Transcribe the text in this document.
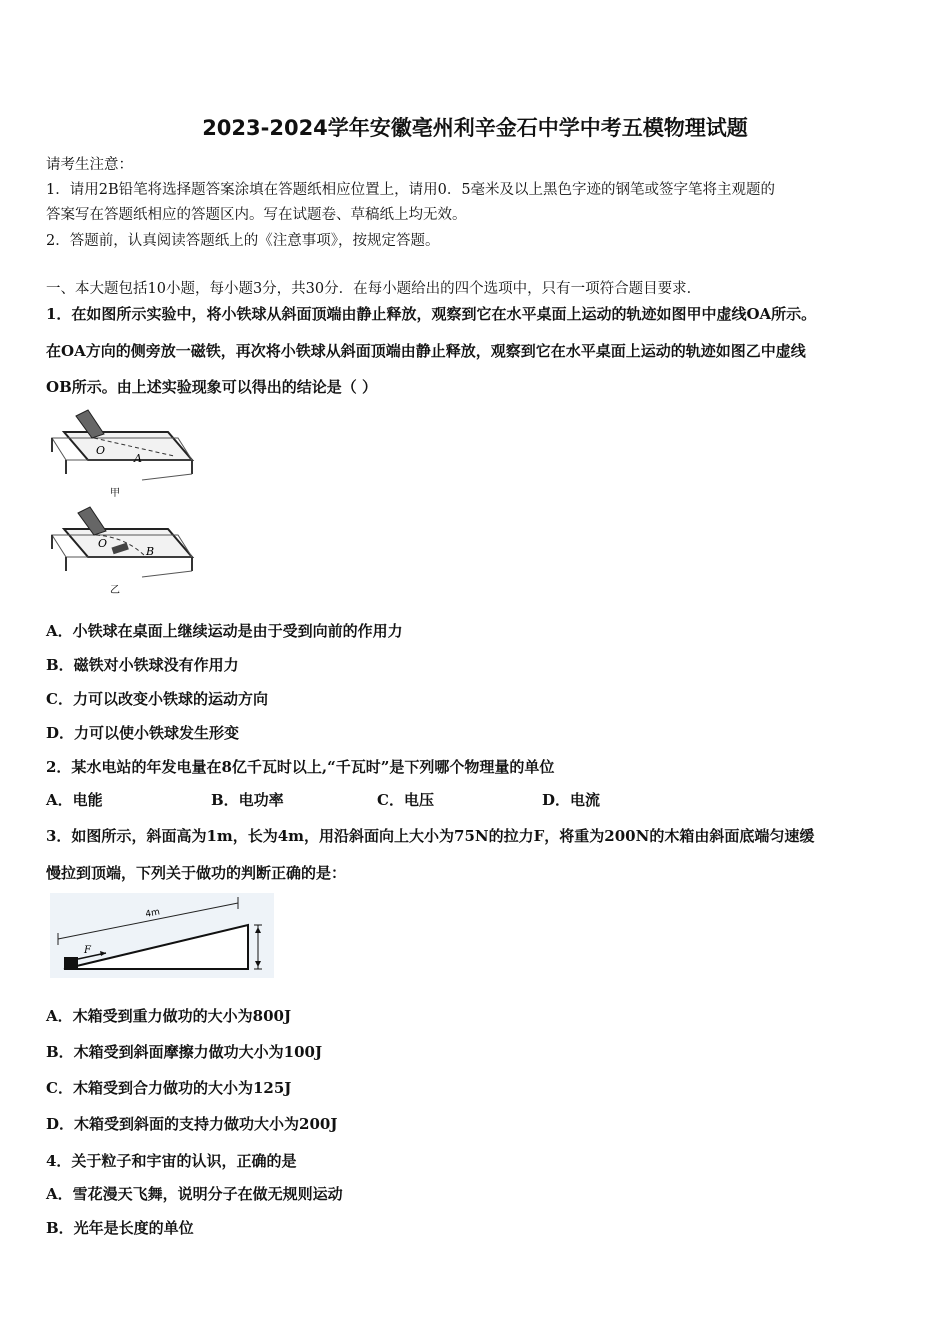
2023-2024学年安徽亳州利辛金石中学中考五模物理试题
请考生注意：
1．请用2B铅笔将选择题答案涂填在答题纸相应位置上，请用0．5毫米及以上黑色字迹的钢笔或签字笔将主观题的
答案写在答题纸相应的答题区内。写在试题卷、草稿纸上均无效。
2．答题前，认真阅读答题纸上的《注意事项》，按规定答题。
一、本大题包括10小题，每小题3分，共30分．在每小题给出的四个选项中，只有一项符合题目要求．
1．在如图所示实验中，将小铁球从斜面顶端由静止释放，观察到它在水平桌面上运动的轨迹如图甲中虚线OA所示。
在OA方向的侧旁放一磁铁，再次将小铁球从斜面顶端由静止释放，观察到它在水平桌面上运动的轨迹如图乙中虚线
OB所示。由上述实验现象可以得出的结论是（ ）
O
A
甲
O
B
乙
A．小铁球在桌面上继续运动是由于受到向前的作用力
B．磁铁对小铁球没有作用力
C．力可以改变小铁球的运动方向
D．力可以使小铁球发生形变
2．某水电站的年发电量在8亿千瓦时以上,“千瓦时”是下列哪个物理量的单位
A．电能	B．电功率	C．电压	D．电流
3．如图所示，斜面高为1m，长为4m，用沿斜面向上大小为75N的拉力F，将重为200N的木箱由斜面底端匀速缓
慢拉到顶端，下列关于做功的判断正确的是：
4m
F
A．木箱受到重力做功的大小为800J
B．木箱受到斜面摩擦力做功大小为100J
C．木箱受到合力做功的大小为125J
D．木箱受到斜面的支持力做功大小为200J
4．关于粒子和宇宙的认识，正确的是
A．雪花漫天飞舞，说明分子在做无规则运动
B．光年是长度的单位
